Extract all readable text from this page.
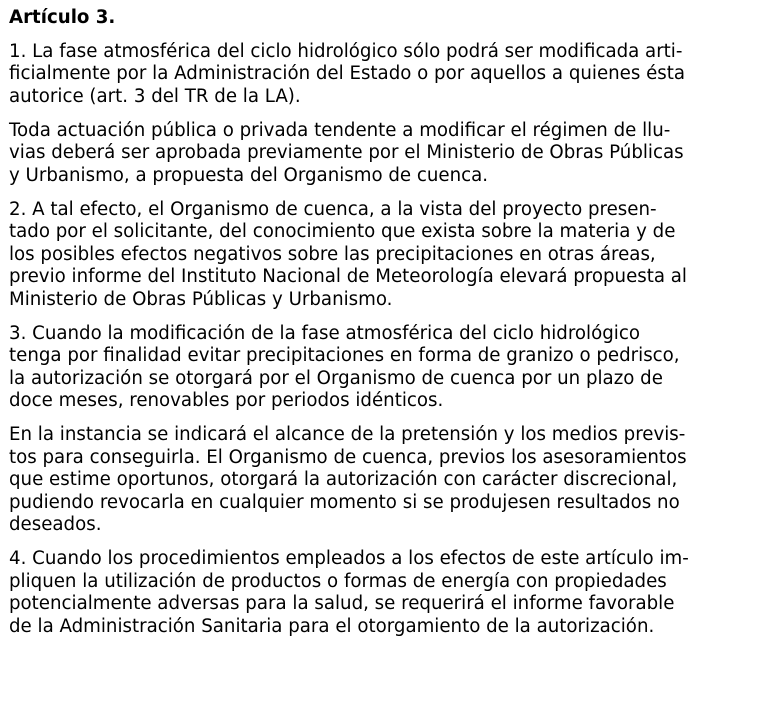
Artículo 3.
1. La fase atmosférica del ciclo hidrológico sólo podrá ser modificada arti-
ficialmente por la Administración del Estado o por aquellos a quienes ésta
autorice (art. 3 del TR de la LA).
Toda actuación pública o privada tendente a modificar el régimen de llu-
vias deberá ser aprobada previamente por el Ministerio de Obras Públicas
y Urbanismo, a propuesta del Organismo de cuenca.
2. A tal efecto, el Organismo de cuenca, a la vista del proyecto presen-
tado por el solicitante, del conocimiento que exista sobre la materia y de
los posibles efectos negativos sobre las precipitaciones en otras áreas,
previo informe del Instituto Nacional de Meteorología elevará propuesta al
Ministerio de Obras Públicas y Urbanismo.
3. Cuando la modificación de la fase atmosférica del ciclo hidrológico
tenga por finalidad evitar precipitaciones en forma de granizo o pedrisco,
la autorización se otorgará por el Organismo de cuenca por un plazo de
doce meses, renovables por periodos idénticos.
En la instancia se indicará el alcance de la pretensión y los medios previs-
tos para conseguirla. El Organismo de cuenca, previos los asesoramientos
que estime oportunos, otorgará la autorización con carácter discrecional,
pudiendo revocarla en cualquier momento si se produjesen resultados no
deseados.
4. Cuando los procedimientos empleados a los efectos de este artículo im-
pliquen la utilización de productos o formas de energía con propiedades
potencialmente adversas para la salud, se requerirá el informe favorable
de la Administración Sanitaria para el otorgamiento de la autorización.
